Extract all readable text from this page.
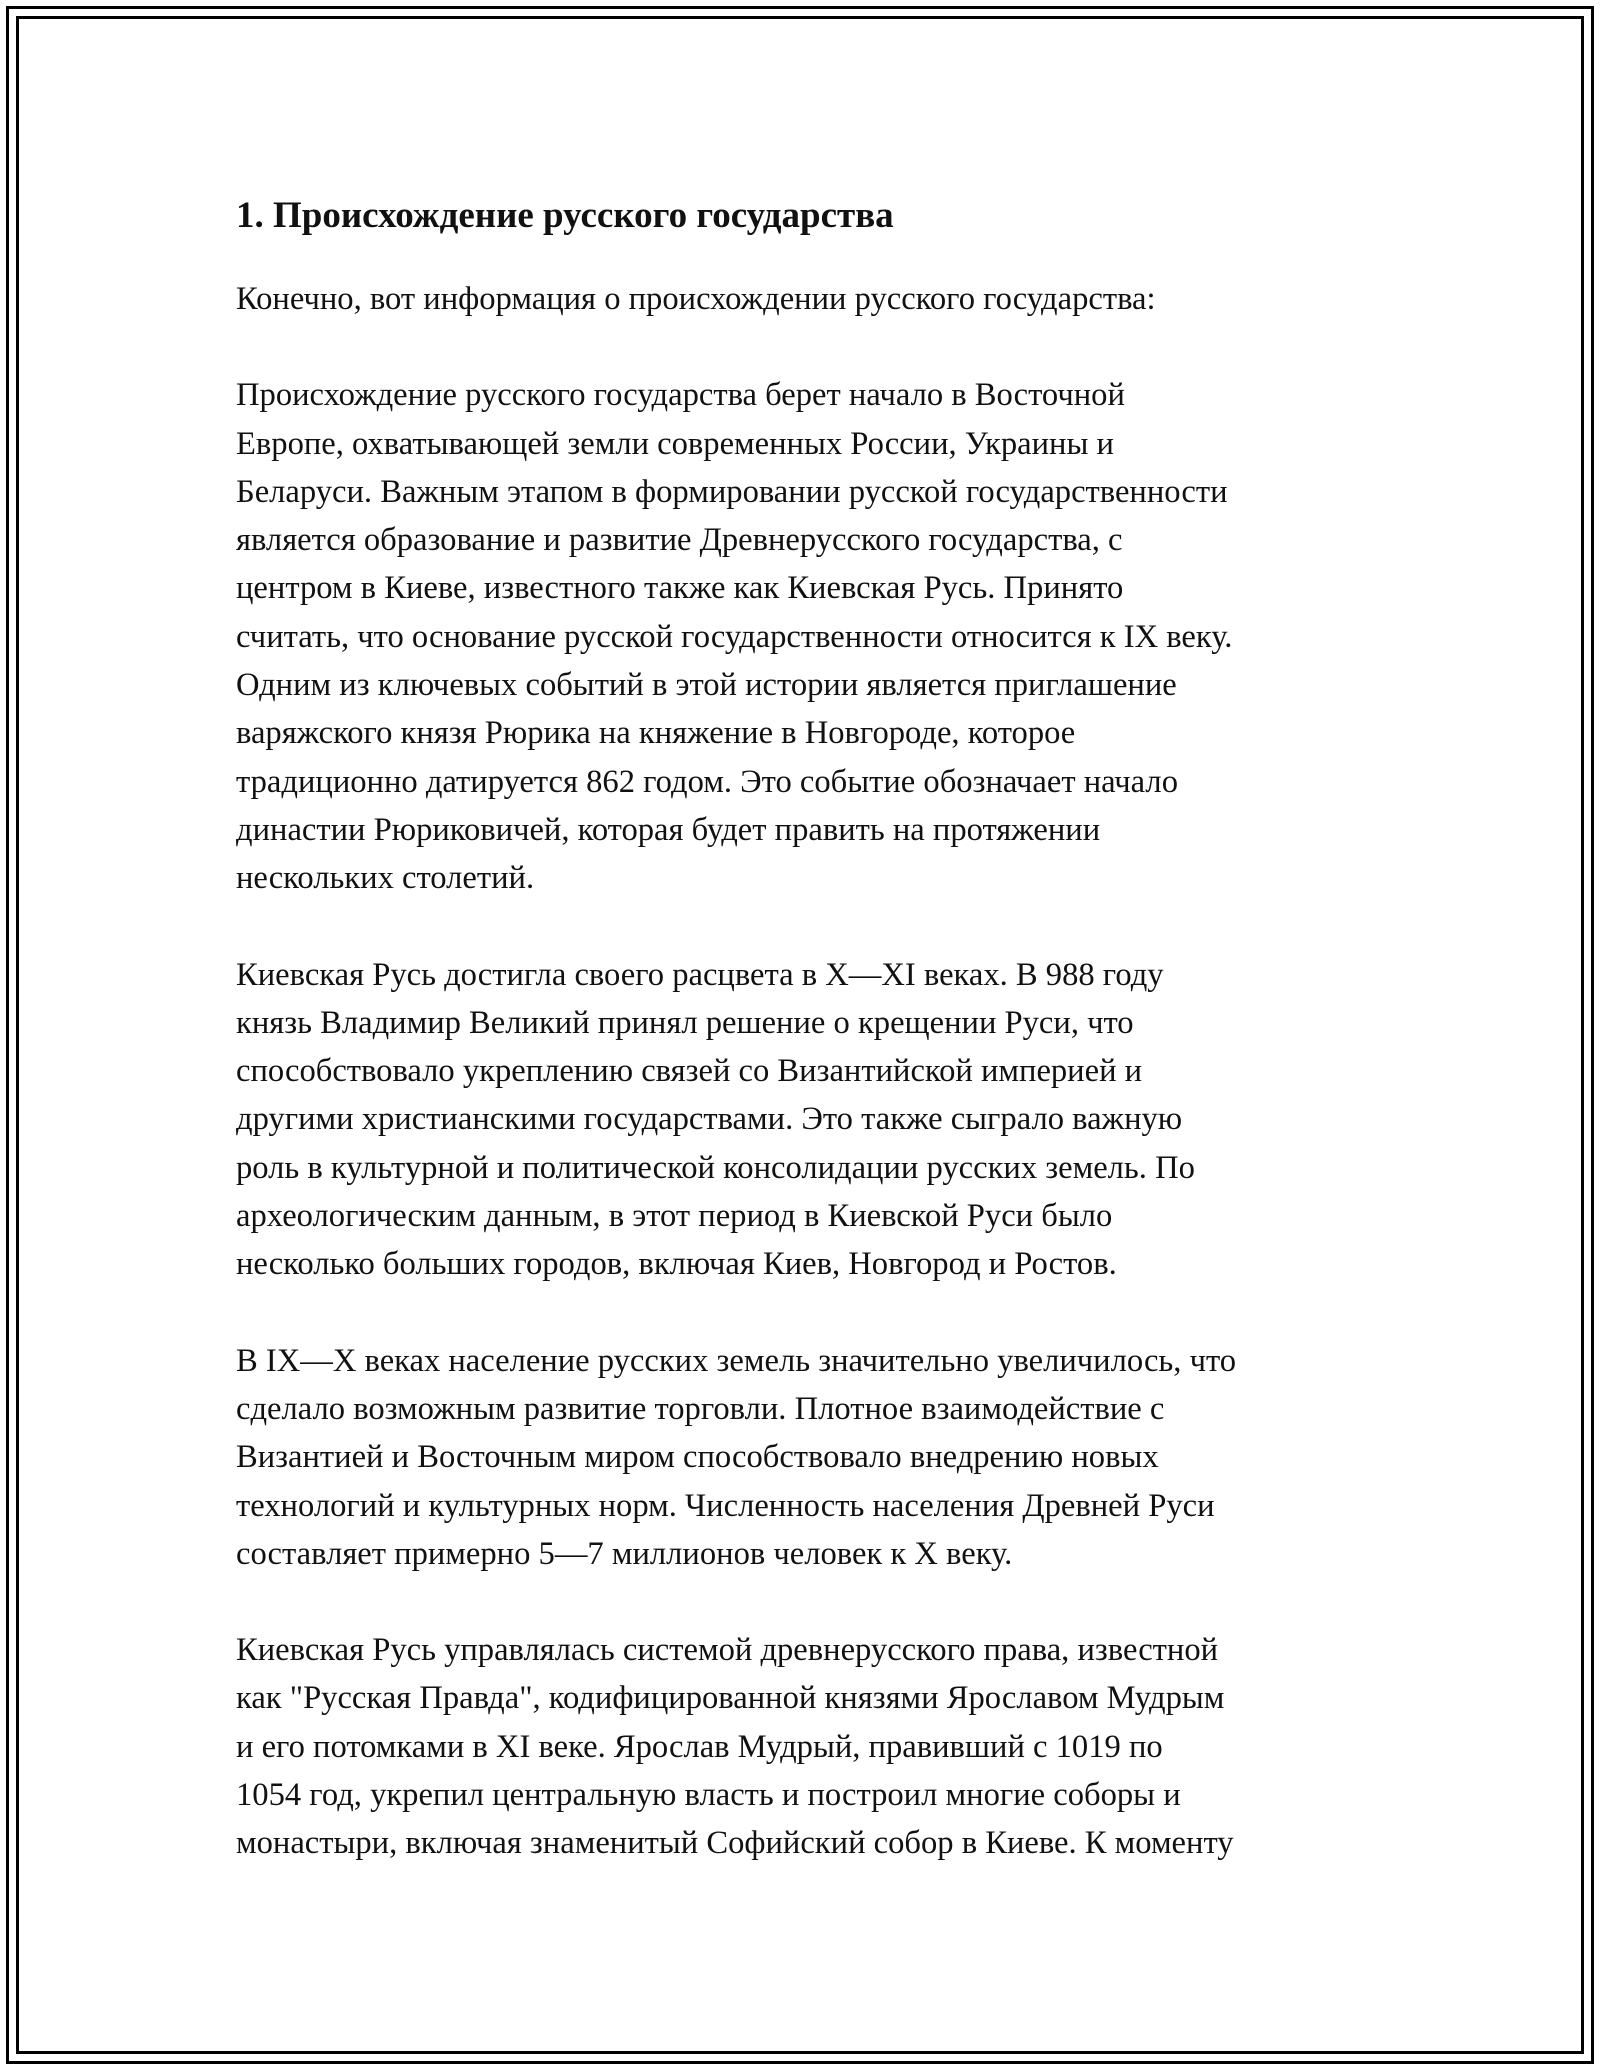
1. Происхождение русского государства

Конечно, вот информация о происхождении русского государства:

Происхождение русского государства берет начало в Восточной
Европе, охватывающей земли современных России, Украины и
Беларуси. Важным этапом в формировании русской государственности
является образование и развитие Древнерусского государства, с
центром в Киеве, известного также как Киевская Русь. Принято
считать, что основание русской государственности относится к IX веку.
Одним из ключевых событий в этой истории является приглашение
варяжского князя Рюрика на княжение в Новгороде, которое
традиционно датируется 862 годом. Это событие обозначает начало
династии Рюриковичей, которая будет править на протяжении
нескольких столетий.

Киевская Русь достигла своего расцвета в X—XI веках. В 988 году
князь Владимир Великий принял решение о крещении Руси, что
способствовало укреплению связей со Византийской империей и
другими христианскими государствами. Это также сыграло важную
роль в культурной и политической консолидации русских земель. По
археологическим данным, в этот период в Киевской Руси было
несколько больших городов, включая Киев, Новгород и Ростов.

В IX—X веках население русских земель значительно увеличилось, что
сделало возможным развитие торговли. Плотное взаимодействие с
Византией и Восточным миром способствовало внедрению новых
технологий и культурных норм. Численность населения Древней Руси
составляет примерно 5—7 миллионов человек к X веку.

Киевская Русь управлялась системой древнерусского права, известной
как "Русская Правда", кодифицированной князями Ярославом Мудрым
и его потомками в XI веке. Ярослав Мудрый, правивший с 1019 по
1054 год, укрепил центральную власть и построил многие соборы и
монастыри, включая знаменитый Софийский собор в Киеве. К моменту
